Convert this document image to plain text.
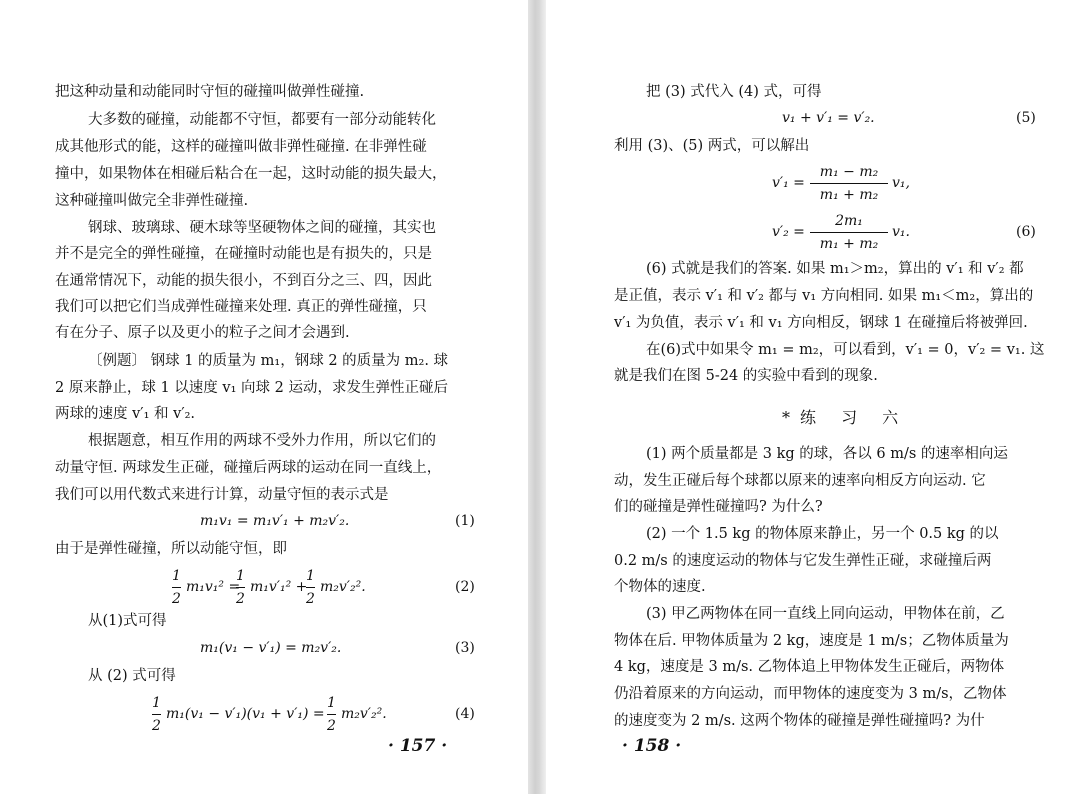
把这种动量和动能同时守恒的碰撞叫做弹性碰撞.
大多数的碰撞，动能都不守恒，都要有一部分动能转化
成其他形式的能，这样的碰撞叫做非弹性碰撞. 在非弹性碰
撞中，如果物体在相碰后粘合在一起，这时动能的损失最大，
这种碰撞叫做完全非弹性碰撞.
钢球、玻璃球、硬木球等坚硬物体之间的碰撞，其实也
并不是完全的弹性碰撞，在碰撞时动能也是有损失的，只是
在通常情况下，动能的损失很小，不到百分之三、四，因此
我们可以把它们当成弹性碰撞来处理. 真正的弹性碰撞，只
有在分子、原子以及更小的粒子之间才会遇到.
〔例题〕 钢球 1 的质量为 m₁，钢球 2 的质量为 m₂. 球
2 原来静止，球 1 以速度 v₁ 向球 2 运动，求发生弹性正碰后
两球的速度 v′₁ 和 v′₂.
根据题意，相互作用的两球不受外力作用，所以它们的
动量守恒. 两球发生正碰，碰撞后两球的运动在同一直线上，
我们可以用代数式来进行计算，动量守恒的表示式是
m₁v₁ = m₁v′₁ + m₂v′₂.	(1)
由于是弹性碰撞，所以动能守恒，即
1
2
m₁v₁² =
1
2
m₁v′₁² +
1
2
m₂v′₂².	(2)
从(1)式可得
m₁(v₁ − v′₁) = m₂v′₂.	(3)
从 (2) 式可得
1
2
m₁(v₁ − v′₁)(v₁ + v′₁) =
1
2
m₂v′₂².	(4)
· 157 ·
把 (3) 式代入 (4) 式，可得
v₁ + v′₁ = v′₂.	(5)
利用 (3)、(5) 两式，可以解出
v′₁ =
m₁ − m₂
m₁ + m₂
v₁,
v′₂ =
2m₁
m₁ + m₂
v₁.	(6)
(6) 式就是我们的答案. 如果 m₁＞m₂，算出的 v′₁ 和 v′₂ 都
是正值，表示 v′₁ 和 v′₂ 都与 v₁ 方向相同. 如果 m₁＜m₂，算出的
v′₁ 为负值，表示 v′₁ 和 v₁ 方向相反，钢球 1 在碰撞后将被弹回.
在(6)式中如果令 m₁ = m₂，可以看到，v′₁ = 0，v′₂ = v₁. 这
就是我们在图 5-24 的实验中看到的现象.
*练 习 六
(1) 两个质量都是 3 kg 的球，各以 6 m/s 的速率相向运
动，发生正碰后每个球都以原来的速率向相反方向运动. 它
们的碰撞是弹性碰撞吗? 为什么?
(2) 一个 1.5 kg 的物体原来静止，另一个 0.5 kg 的以
0.2 m/s 的速度运动的物体与它发生弹性正碰，求碰撞后两
个物体的速度.
(3) 甲乙两物体在同一直线上同向运动，甲物体在前，乙
物体在后. 甲物体质量为 2 kg，速度是 1 m/s；乙物体质量为
4 kg，速度是 3 m/s. 乙物体追上甲物体发生正碰后，两物体
仍沿着原来的方向运动，而甲物体的速度变为 3 m/s，乙物体
的速度变为 2 m/s. 这两个物体的碰撞是弹性碰撞吗? 为什
· 158 ·
